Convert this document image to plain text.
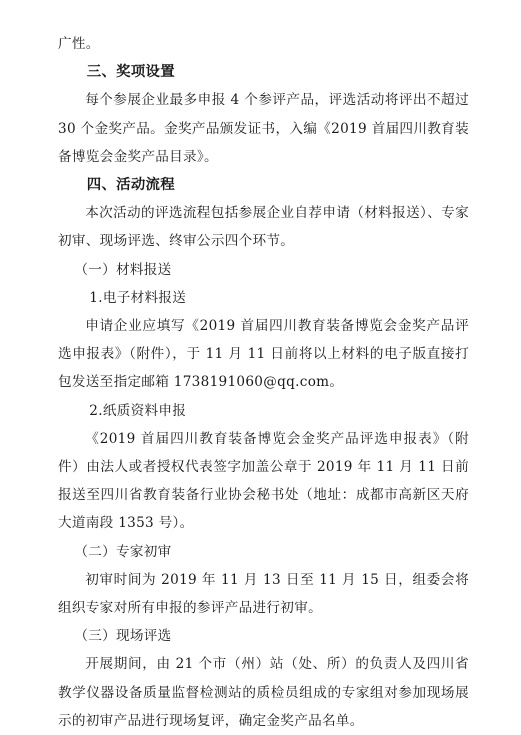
广性。

三、奖项设置

每个参展企业最多申报 4 个参评产品，评选活动将评出不超过 30 个金奖产品。金奖产品颁发证书，入编《2019 首届四川教育装备博览会金奖产品目录》。

四、活动流程

本次活动的评选流程包括参展企业自荐申请（材料报送）、专家初审、现场评选、终审公示四个环节。

（一）材料报送

1.电子材料报送

申请企业应填写《2019 首届四川教育装备博览会金奖产品评选申报表》（附件），于 11 月 11 日前将以上材料的电子版直接打包发送至指定邮箱 1738191060@qq.com。

2.纸质资料申报

《2019 首届四川教育装备博览会金奖产品评选申报表》（附件）由法人或者授权代表签字加盖公章于 2019 年 11 月 11 日前报送至四川省教育装备行业协会秘书处（地址：成都市高新区天府大道南段 1353 号）。

（二）专家初审

初审时间为 2019 年 11 月 13 日至 11 月 15 日，组委会将组织专家对所有申报的参评产品进行初审。

（三）现场评选

开展期间，由 21 个市（州）站（处、所）的负责人及四川省教学仪器设备质量监督检测站的质检员组成的专家组对参加现场展示的初审产品进行现场复评，确定金奖产品名单。
